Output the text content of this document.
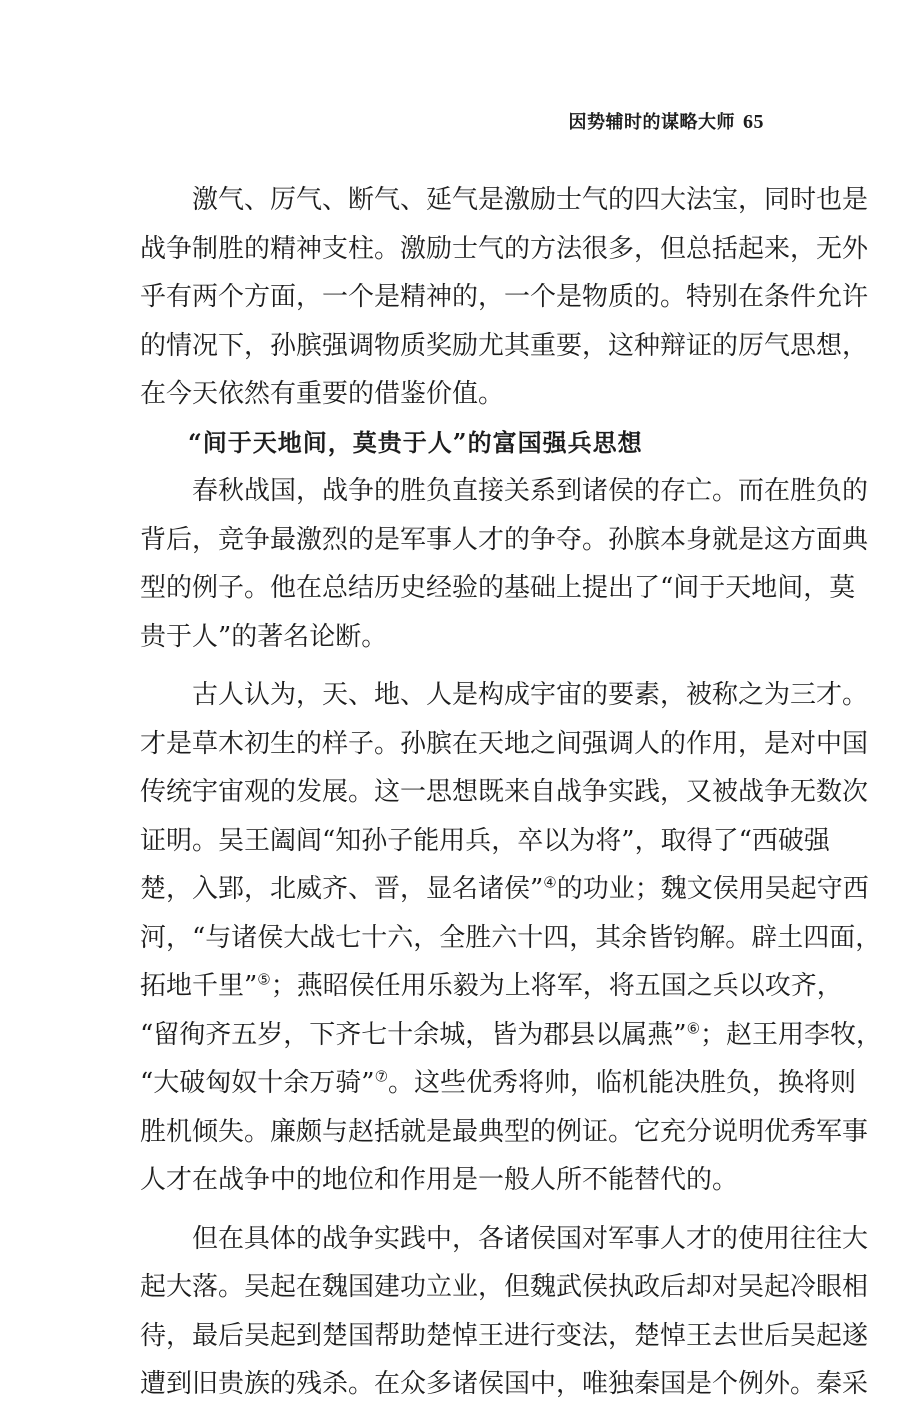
因势辅时的谋略大师 65
激气、厉气、断气、延气是激励士气的四大法宝，同时也是
战争制胜的精神支柱。激励士气的方法很多，但总括起来，无外
乎有两个方面，一个是精神的，一个是物质的。特别在条件允许
的情况下，孙膑强调物质奖励尤其重要，这种辩证的厉气思想，
在今天依然有重要的借鉴价值。
“间于天地间，莫贵于人”的富国强兵思想
春秋战国，战争的胜负直接关系到诸侯的存亡。而在胜负的
背后，竞争最激烈的是军事人才的争夺。孙膑本身就是这方面典
型的例子。他在总结历史经验的基础上提出了“间于天地间，莫
贵于人”的著名论断。
古人认为，天、地、人是构成宇宙的要素，被称之为三才。
才是草木初生的样子。孙膑在天地之间强调人的作用，是对中国
传统宇宙观的发展。这一思想既来自战争实践，又被战争无数次
证明。吴王阖闾“知孙子能用兵，卒以为将”，取得了“西破强
楚，入郢，北威齐、晋，显名诸侯”④的功业；魏文侯用吴起守西
河，“与诸侯大战七十六，全胜六十四，其余皆钧解。辟土四面，
拓地千里”⑤；燕昭侯任用乐毅为上将军，将五国之兵以攻齐，
“留徇齐五岁，下齐七十余城，皆为郡县以属燕”⑥；赵王用李牧，
“大破匈奴十余万骑”⑦。这些优秀将帅，临机能决胜负，换将则
胜机倾失。廉颇与赵括就是最典型的例证。它充分说明优秀军事
人才在战争中的地位和作用是一般人所不能替代的。
但在具体的战争实践中，各诸侯国对军事人才的使用往往大
起大落。吴起在魏国建功立业，但魏武侯执政后却对吴起冷眼相
待，最后吴起到楚国帮助楚悼王进行变法，楚悼王去世后吴起遂
遭到旧贵族的残杀。在众多诸侯国中，唯独秦国是个例外。秦采
